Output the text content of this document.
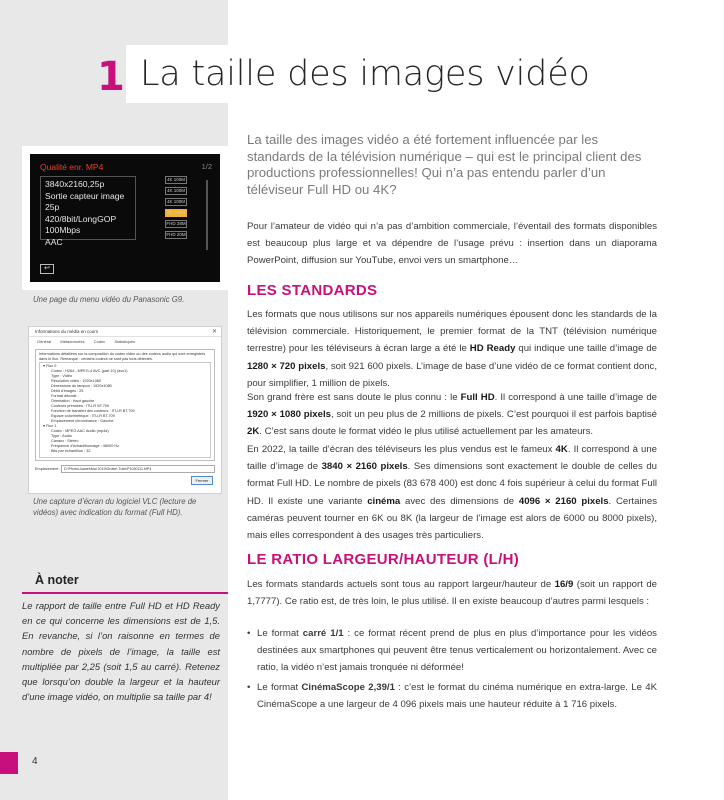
1 La taille des images vidéo
Qualité enr. MP4	1/2
3840x2160,25p
Sortie capteur image 25p
420/8bit/LongGOP
100Mbps
AAC
4K 100M
4K 100M
4K 100M
4K 100M
FHD 28M
FHD 20M
↩
Une page du menu vidéo du Panasonic G9.
Informations du média en cours	✕
Général Métadonnées Codec Statistiques
Informations détaillées sur la composition du codec vidéo ou des codecs audio qui sont enregistrés dans le flux. Remarque : certains codecs ne sont pas tous détectés.
▾ Flux 0
Codec : H264 - MPEG-4 AVC (part 10) (avc1)
Type : Vidéo
Résolution vidéo : 1920x1080
Dimensions du tampon : 1920x1080
Débit d'images : 25
Format décodé :
Orientation : Haut gauche
Couleurs primaires : ITU-R BT.709
Fonction de transfert des couleurs : ITU-R BT.709
Espace colorimétrique : ITU-R BT.709
Emplacement chrominance : Gauche
▾ Flux 1
Codec : MPEG AAC Audio (mp4a)
Type : Audio
Canaux : Stéréo
Fréquence d'échantillonnage : 48000 Hz
Bits par échantillon : 32
Emplacement :	D:\Photo\Juanet\Mai 2019\Grotte\ Tuile\P1030111.MP4
Fermer
Une capture d’écran du logiciel VLC (lecture de vidéos) avec indication du format (Full HD).
À noter
Le rapport de taille entre Full HD et HD Ready en ce qui concerne les dimensions est de 1,5. En revanche, si l’on raisonne en termes de nombre de pixels de l’image, la taille est multipliée par 2,25 (soit 1,5 au carré). Retenez que lorsqu’on double la largeur et la hauteur d’une image vidéo, on multiplie sa taille par 4!
La taille des images vidéo a été fortement influencée par les standards de la télévision numérique – qui est le principal client des productions professionnelles! Qui n’a pas entendu parler d’un téléviseur Full HD ou 4K?
Pour l’amateur de vidéo qui n’a pas d’ambition commerciale, l’éventail des formats disponibles est beaucoup plus large et va dépendre de l’usage prévu : insertion dans un diaporama PowerPoint, diffusion sur YouTube, envoi vers un smartphone…
LES STANDARDS
Les formats que nous utilisons sur nos appareils numériques épousent donc les standards de la télévision commerciale. Historiquement, le premier format de la TNT (télévision numérique terrestre) pour les téléviseurs à écran large a été le HD Ready qui indique une taille d’image de 1280 × 720 pixels, soit 921 600 pixels. L’image de base d’une vidéo de ce format contient donc, pour simplifier, 1 million de pixels.
Son grand frère est sans doute le plus connu : le Full HD. Il correspond à une taille d’image de 1920 × 1080 pixels, soit un peu plus de 2 millions de pixels. C’est pourquoi il est parfois baptisé 2K. C’est sans doute le format vidéo le plus utilisé actuellement par les amateurs.
En 2022, la taille d’écran des téléviseurs les plus vendus est le fameux 4K. Il correspond à une taille d’image de 3840 × 2160 pixels. Ses dimensions sont exactement le double de celles du format Full HD. Le nombre de pixels (83 678 400) est donc 4 fois supérieur à celui du format Full HD. Il existe une variante cinéma avec des dimensions de 4096 × 2160 pixels. Certaines caméras peuvent tourner en 6K ou 8K (la largeur de l’image est alors de 6000 ou 8000 pixels), mais elles correspondent à des usages très particuliers.
LE RATIO LARGEUR/HAUTEUR (L/H)
Les formats standards actuels sont tous au rapport largeur/hauteur de 16/9 (soit un rapport de 1,7777). Ce ratio est, de très loin, le plus utilisé. Il en existe beaucoup d’autres parmi lesquels :
• Le format carré 1/1 : ce format récent prend de plus en plus d’importance pour les vidéos destinées aux smartphones qui peuvent être tenus verticalement ou horizontalement. Avec ce ratio, la vidéo n’est jamais tronquée ni déformée!
• Le format CinémaScope 2,39/1 : c’est le format du cinéma numérique en extra-large. Le 4K CinémaScope a une largeur de 4 096 pixels mais une hauteur réduite à 1 716 pixels.
4
